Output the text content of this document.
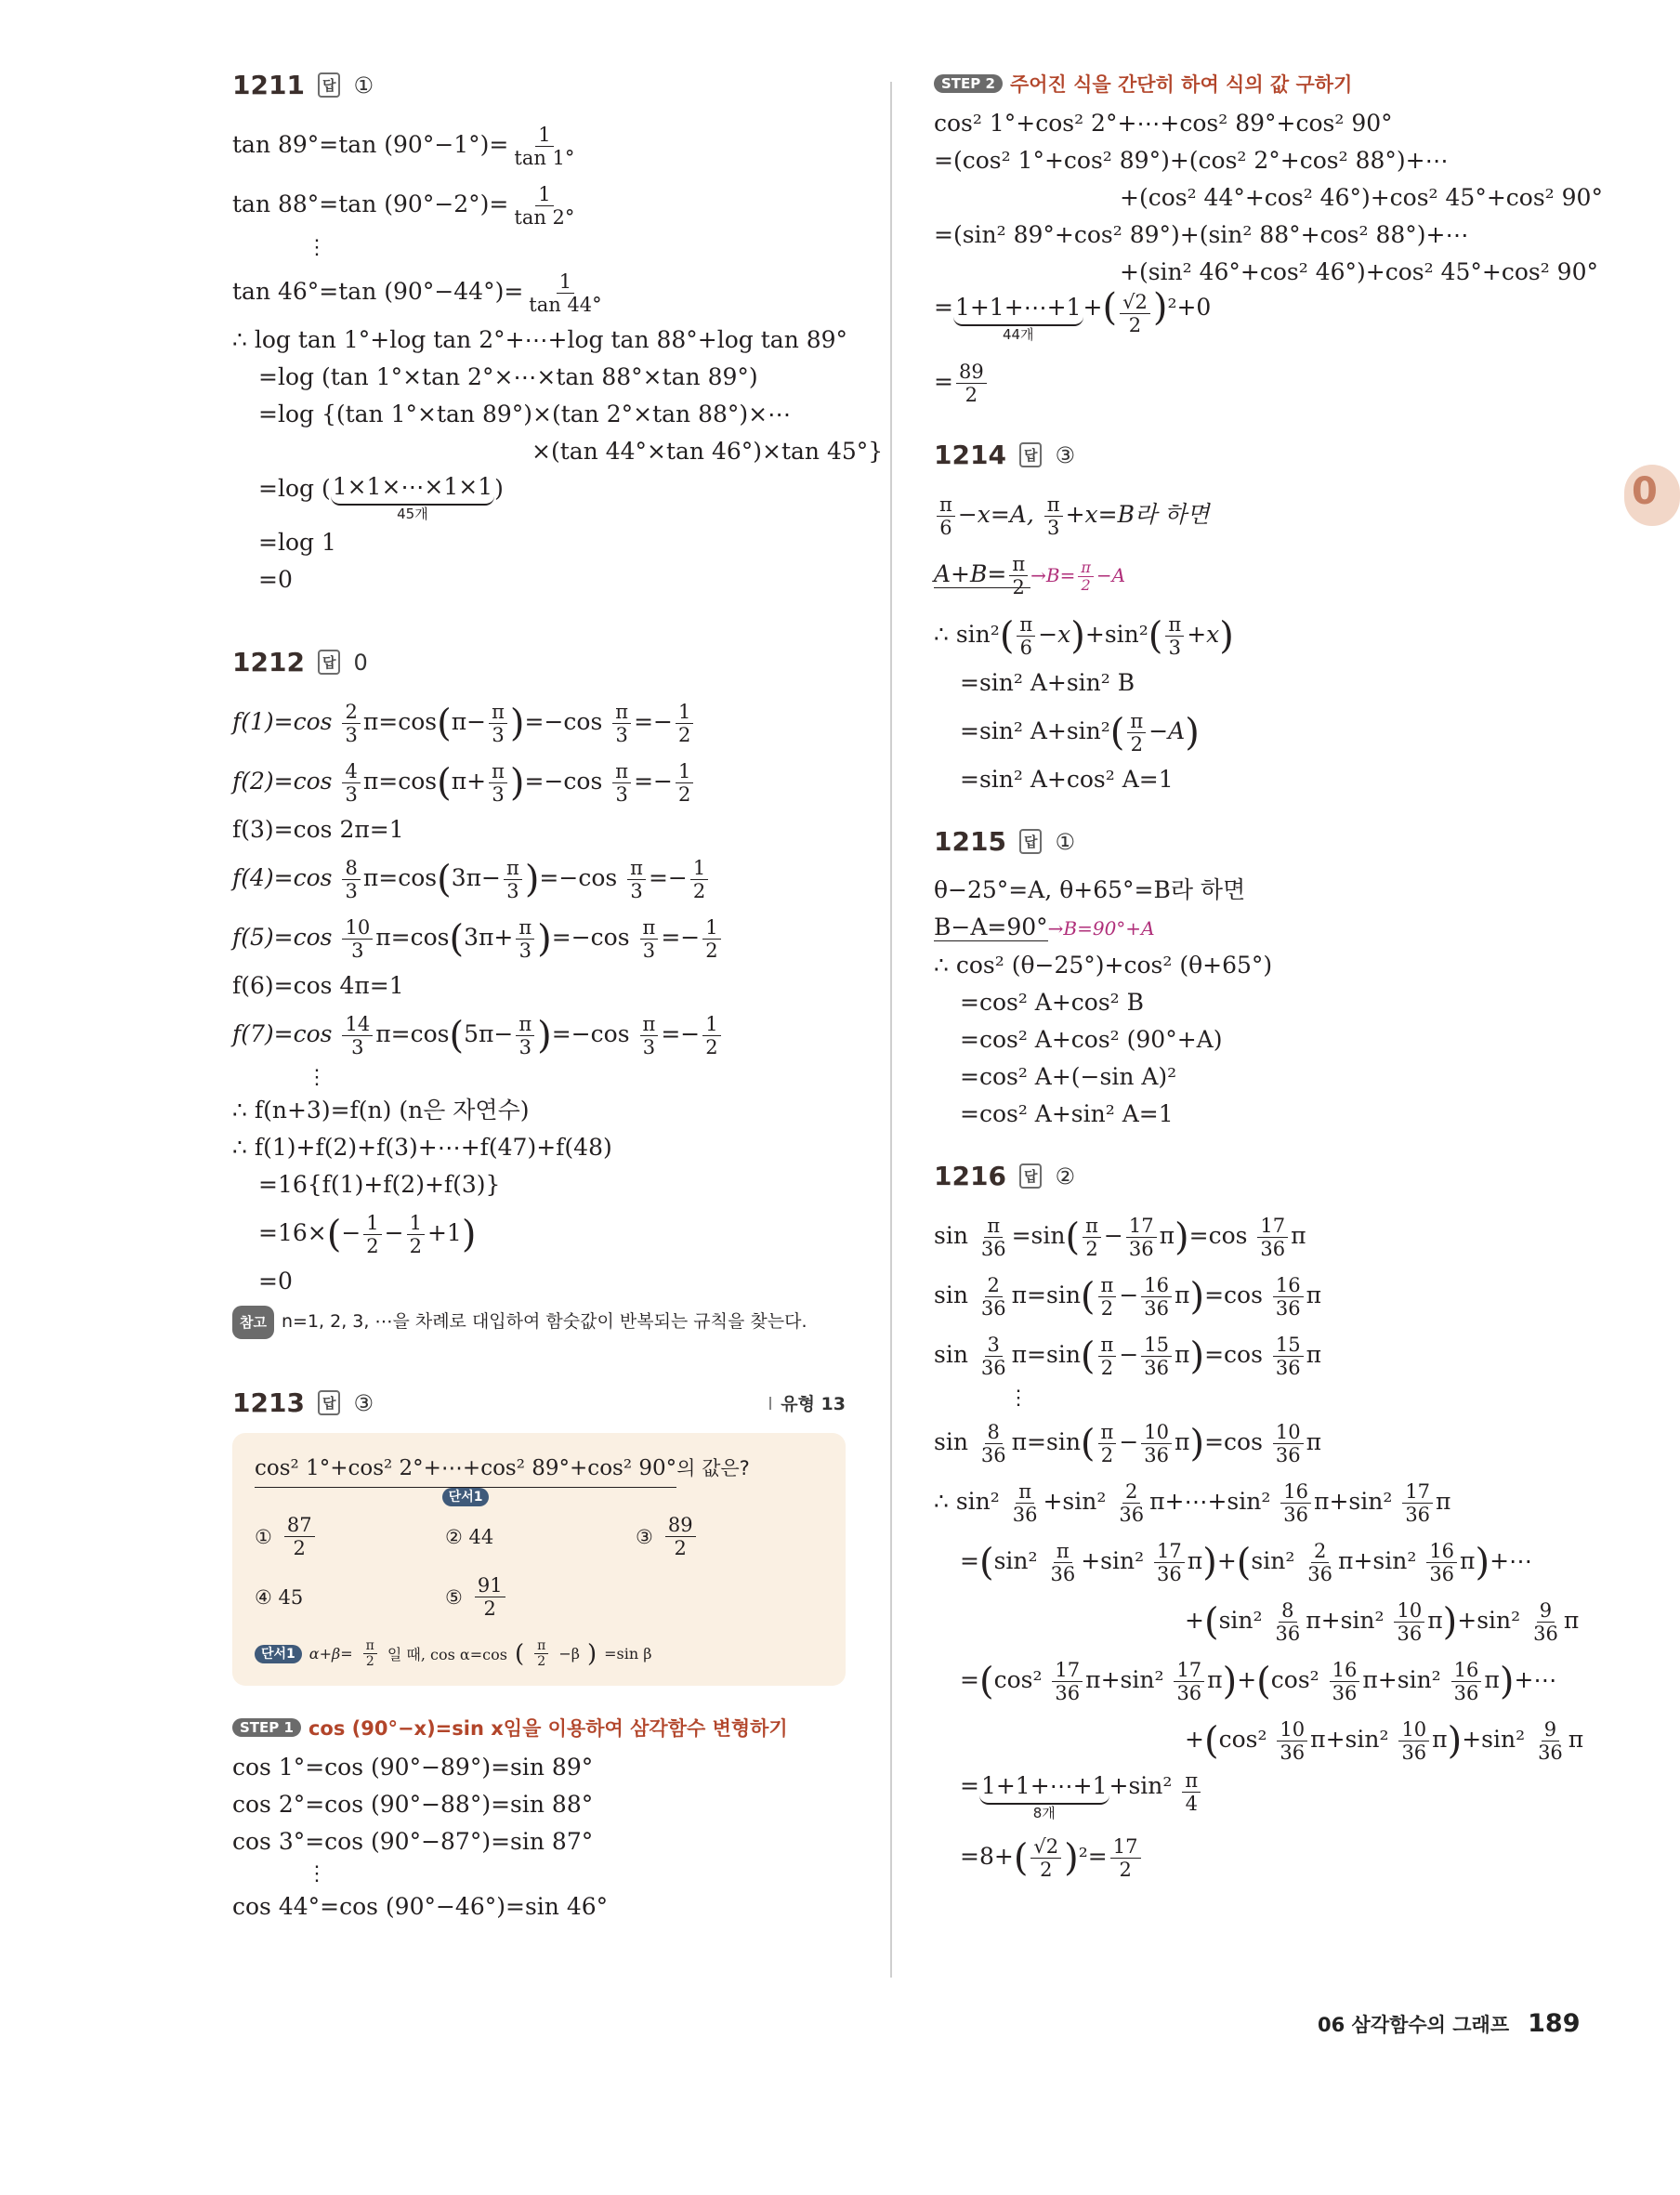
0
1211	답 ①
tan 89°=tan $(90^\circ-1^\circ)= \frac{1}{\tan 1^\circ}$
tan 88°=tan $(90^\circ-2^\circ)= \frac{1}{\tan 2^\circ}$
⋮
tan 46°=tan $(90^\circ-44^\circ)= \frac{1}{\tan 44^\circ}$
∴ log tan 1°+log tan 2°+⋯+log tan 88°+log tan 89°
=log (tan 1°×tan 2°×⋯×tan 88°×tan 89°)
=log {(tan 1°×tan 89°)×(tan 2°×tan 88°)×⋯
×(tan 44°×tan 46°)×tan 45°}
=log ( 1×1×⋯×1×1
45개
)
=log 1
=0
1212	답 0
$f(1)=\cos \frac{2}{3} \pi=\cos(\pi- \frac{\pi}{3} )=-\cos \frac{\pi}{3} =- \frac{1}{2}$
$f(2)=\cos \frac{4}{3} \pi=\cos(\pi+ \frac{\pi}{3} )=-\cos \frac{\pi}{3} =- \frac{1}{2}$
f(3)=cos 2π=1
$f(4)=\cos \frac{8}{3} \pi=\cos(3\pi- \frac{\pi}{3} )=-\cos \frac{\pi}{3} =- \frac{1}{2}$
$f(5)=\cos \frac{10}{3} \pi=\cos(3\pi+ \frac{\pi}{3} )=-\cos \frac{\pi}{3} =- \frac{1}{2}$
f(6)=cos 4π=1
$f(7)=\cos \frac{14}{3} \pi=\cos(5\pi- \frac{\pi}{3} )=-\cos \frac{\pi}{3} =- \frac{1}{2}$
⋮
∴ f(n+3)=f(n) (n은 자연수)
∴ f(1)+f(2)+f(3)+⋯+f(47)+f(48)
=16{f(1)+f(2)+f(3)}
$=16\times(- \frac{1}{2} - \frac{1}{2} +1)$
=0
참고 n=1, 2, 3, ⋯을 차례로 대입하여 함숫값이 반복되는 규칙을 찾는다.
1213	답 ③	유형 13
cos² 1°+cos² 2°+⋯+cos² 89°+cos² 90°
단서1
의 값은?
① $\frac{87}{2}$	② 44	③ $\frac{89}{2}$
④ 45	⑤ $\frac{91}{2}$
단서1 $\alpha+\beta= \frac{\pi}{2}$ 일 때, cos α=cos ( $\frac{\pi}{2} -\beta$ ) =sin β
STEP 1 cos (90°−x)=sin x임을 이용하여 삼각함수 변형하기
cos 1°=cos (90°−89°)=sin 89°
cos 2°=cos (90°−88°)=sin 88°
cos 3°=cos (90°−87°)=sin 87°
⋮
cos 44°=cos (90°−46°)=sin 46°
STEP 2 주어진 식을 간단히 하여 식의 값 구하기
cos² 1°+cos² 2°+⋯+cos² 89°+cos² 90°
=(cos² 1°+cos² 89°)+(cos² 2°+cos² 88°)+⋯
+(cos² 44°+cos² 46°)+cos² 45°+cos² 90°
=(sin² 89°+cos² 89°)+(sin² 88°+cos² 88°)+⋯
+(sin² 46°+cos² 46°)+cos² 45°+cos² 90°
= 1+1+⋯+1
44개
+( $\frac{√2}{2} )^2+0$
= $\frac{89}{2}$
1214	답 ③
$\frac{\pi}{6} -x=A$, $\frac{\pi}{3} +x=B$라 하면
$A+B= \frac{\pi}{2} \to B= \frac{\pi}{2} -A$
∴ $\sin^2( \frac{\pi}{6} -x)+\sin^2( \frac{\pi}{3} +x)$
=sin² A+sin² B
=sin² $A+\sin^2( \frac{\pi}{2} -A)$
=sin² A+cos² A=1
1215	답 ①
θ−25°=A, θ+65°=B라 하면
B−A=90°→B=90°+A
∴ cos² (θ−25°)+cos² (θ+65°)
=cos² A+cos² B
=cos² A+cos² (90°+A)
=cos² A+(−sin A)²
=cos² A+sin² A=1
1216	답 ②
$\sin \frac{\pi}{36} =\sin( \frac{\pi}{2} - \frac{17}{36} \pi)=\cos \frac{17}{36}$ π
$\sin \frac{2}{36} \pi=\sin( \frac{\pi}{2} - \frac{16}{36} \pi)=\cos \frac{16}{36}$ π
$\sin \frac{3}{36} \pi=\sin( \frac{\pi}{2} - \frac{15}{36} \pi)=\cos \frac{15}{36}$ π
⋮
$\sin \frac{8}{36} \pi=\sin( \frac{\pi}{2} - \frac{10}{36} \pi)=\cos \frac{10}{36}$ π
∴ $\sin^2 \frac{\pi}{36} +\sin^2 \frac{2}{36}$ π+⋯+sin² $\frac{16}{36} \pi+\sin^2 \frac{17}{36}$ π
$=(\sin^2 \frac{\pi}{36} +\sin^2 \frac{17}{36} \pi)+(\sin^2 \frac{2}{36} \pi+\sin^2 \frac{16}{36}$ π)+⋯
$+(\sin^2 \frac{8}{36} \pi+\sin^2 \frac{10}{36} \pi)+\sin^2 \frac{9}{36}$ π
$=(\cos^2 \frac{17}{36} \pi+\sin^2 \frac{17}{36} \pi)+(\cos^2 \frac{16}{36} \pi+\sin^2 \frac{16}{36}$ π)+⋯
$+(\cos^2 \frac{10}{36} \pi+\sin^2 \frac{10}{36} \pi)+\sin^2 \frac{9}{36}$ π
= 1+1+⋯+1
8개
$+\sin^2 \frac{\pi}{4}$
$=8+( \frac{√2}{2} )^2= \frac{17}{2}$
06 삼각함수의 그래프 189
